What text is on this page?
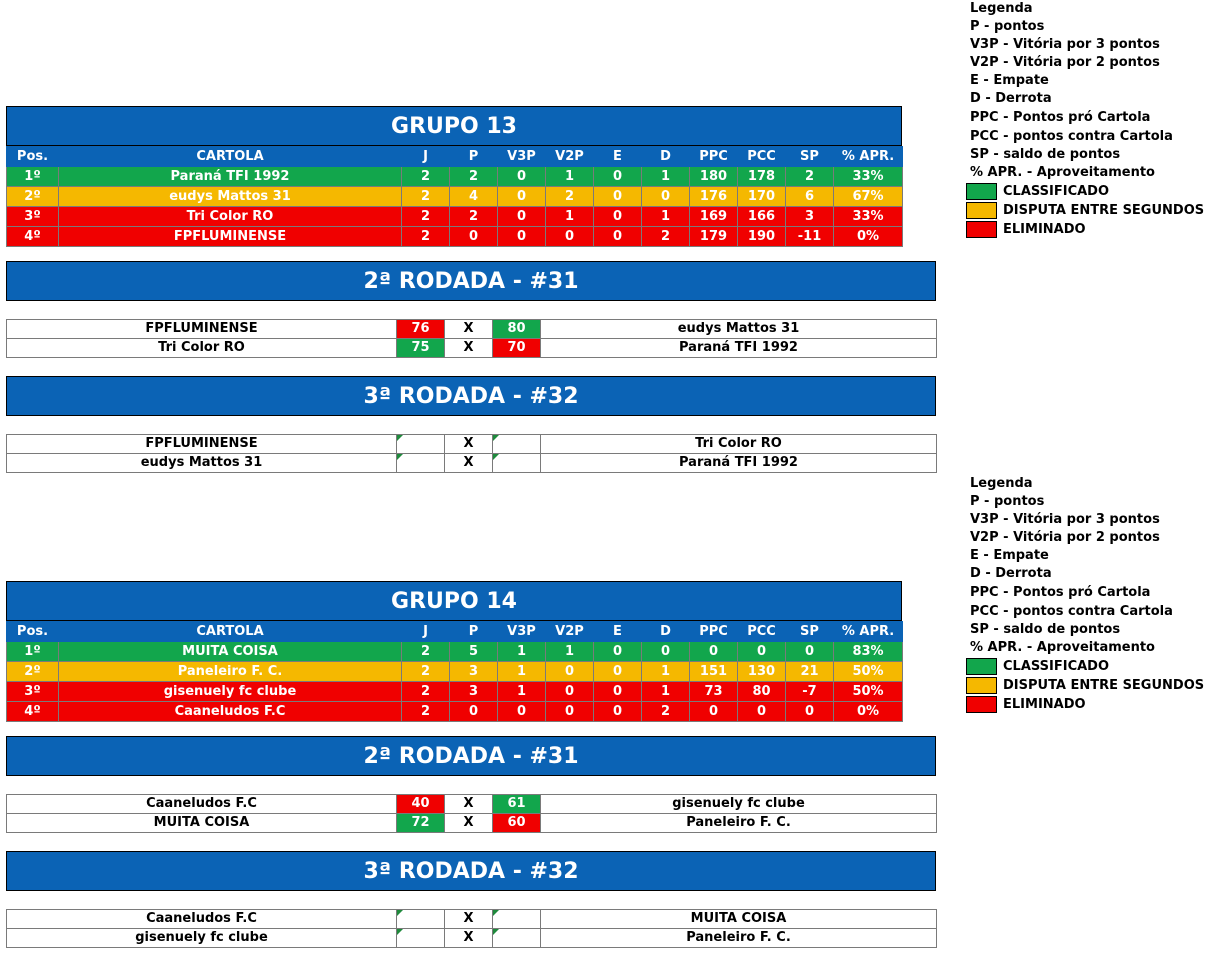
Legenda
P - pontos
V3P - Vitória por 3 pontos
V2P - Vitória por 2 pontos
E - Empate
D - Derrota
PPC - Pontos pró Cartola
PCC - pontos contra Cartola
SP - saldo de pontos
% APR. - Aproveitamento
CLASSIFICADO
DISPUTA ENTRE SEGUNDOS
ELIMINADO
GRUPO 13
Pos.	CARTOLA	J	P	V3P	V2P	E	D	PPC	PCC	SP	% APR.
1º	Paraná TFI 1992	2	2	0	1	0	1	180	178	2	33%
2º	eudys Mattos 31	2	4	0	2	0	0	176	170	6	67%
3º	Tri Color RO	2	2	0	1	0	1	169	166	3	33%
4º	FPFLUMINENSE	2	0	0	0	0	2	179	190	-11	0%
2ª RODADA - #31
FPFLUMINENSE	76	X	80	eudys Mattos 31
Tri Color RO	75	X	70	Paraná TFI 1992
3ª RODADA - #32
FPFLUMINENSE		X		Tri Color RO
eudys Mattos 31		X		Paraná TFI 1992
Legenda
P - pontos
V3P - Vitória por 3 pontos
V2P - Vitória por 2 pontos
E - Empate
D - Derrota
PPC - Pontos pró Cartola
PCC - pontos contra Cartola
SP - saldo de pontos
% APR. - Aproveitamento
CLASSIFICADO
DISPUTA ENTRE SEGUNDOS
ELIMINADO
GRUPO 14
Pos.	CARTOLA	J	P	V3P	V2P	E	D	PPC	PCC	SP	% APR.
1º	MUITA COISA	2	5	1	1	0	0	0	0	0	83%
2º	Paneleiro F. C.	2	3	1	0	0	1	151	130	21	50%
3º	gisenuely fc clube	2	3	1	0	0	1	73	80	-7	50%
4º	Caaneludos F.C	2	0	0	0	0	2	0	0	0	0%
2ª RODADA - #31
Caaneludos F.C	40	X	61	gisenuely fc clube
MUITA COISA	72	X	60	Paneleiro F. C.
3ª RODADA - #32
Caaneludos F.C		X		MUITA COISA
gisenuely fc clube		X		Paneleiro F. C.
